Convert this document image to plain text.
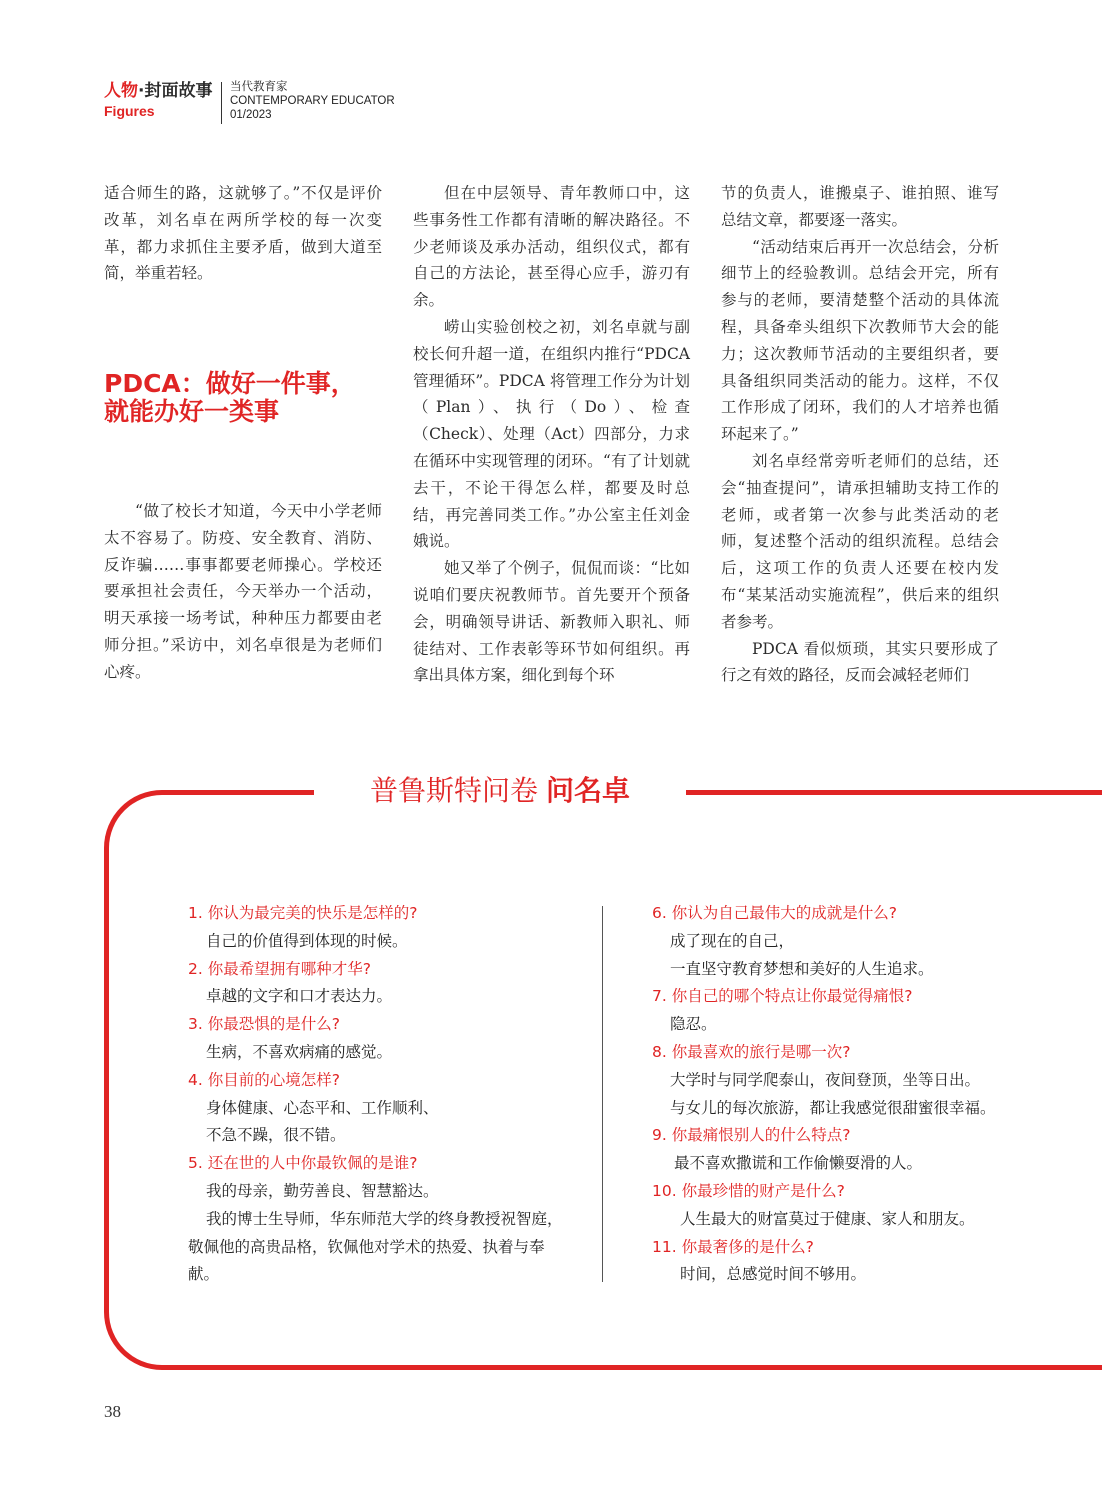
人物·封面故事
Figures
当代教育家
CONTEMPORARY EDUCATOR
01/2023

适合师生的路，这就够了。”不仅是评价改革，刘名卓在两所学校的每一次变革，都力求抓住主要矛盾，做到大道至简，举重若轻。

PDCA：做好一件事，
就能办好一类事

“做了校长才知道，今天中小学老师太不容易了。防疫、安全教育、消防、反诈骗……事事都要老师操心。学校还要承担社会责任，今天举办一个活动，明天承接一场考试，种种压力都要由老师分担。”采访中，刘名卓很是为老师们心疼。

但在中层领导、青年教师口中，这些事务性工作都有清晰的解决路径。不少老师谈及承办活动，组织仪式，都有自己的方法论，甚至得心应手，游刃有余。

崂山实验创校之初，刘名卓就与副校长何升超一道，在组织内推行“PDCA 管理循环”。PDCA 将管理工作分为计划（Plan）、执行（Do）、检查（Check）、处理（Act）四部分，力求在循环中实现管理的闭环。“有了计划就去干，不论干得怎么样，都要及时总结，再完善同类工作。”办公室主任刘金娥说。

她又举了个例子，侃侃而谈：“比如说咱们要庆祝教师节。首先要开个预备会，明确领导讲话、新教师入职礼、师徒结对、工作表彰等环节如何组织。再拿出具体方案，细化到每个环

节的负责人，谁搬桌子、谁拍照、谁写总结文章，都要逐一落实。

“活动结束后再开一次总结会，分析细节上的经验教训。总结会开完，所有参与的老师，要清楚整个活动的具体流程，具备牵头组织下次教师节大会的能力；这次教师节活动的主要组织者，要具备组织同类活动的能力。这样，不仅工作形成了闭环，我们的人才培养也循环起来了。”

刘名卓经常旁听老师们的总结，还会“抽查提问”，请承担辅助支持工作的老师，或者第一次参与此类活动的老师，复述整个活动的组织流程。总结会后，这项工作的负责人还要在校内发布“某某活动实施流程”，供后来的组织者参考。

PDCA 看似烦琐，其实只要形成了行之有效的路径，反而会减轻老师们

普鲁斯特问卷 问名卓
1. 你认为最完美的快乐是怎样的?
自己的价值得到体现的时候。
2. 你最希望拥有哪种才华?
卓越的文字和口才表达力。
3. 你最恐惧的是什么?
生病，不喜欢病痛的感觉。
4. 你目前的心境怎样?
身体健康、心态平和、工作顺利、
不急不躁，很不错。
5. 还在世的人中你最钦佩的是谁?
我的母亲，勤劳善良、智慧豁达。
我的博士生导师，华东师范大学的终身教授祝智庭，敬佩他的高贵品格，钦佩他对学术的热爱、执着与奉献。
6. 你认为自己最伟大的成就是什么?
成了现在的自己，
一直坚守教育梦想和美好的人生追求。
7. 你自己的哪个特点让你最觉得痛恨?
隐忍。
8. 你最喜欢的旅行是哪一次?
大学时与同学爬泰山，夜间登顶，坐等日出。
与女儿的每次旅游，都让我感觉很甜蜜很幸福。
9. 你最痛恨别人的什么特点?
最不喜欢撒谎和工作偷懒耍滑的人。
10. 你最珍惜的财产是什么?
人生最大的财富莫过于健康、家人和朋友。
11. 你最奢侈的是什么?
时间，总感觉时间不够用。
38
